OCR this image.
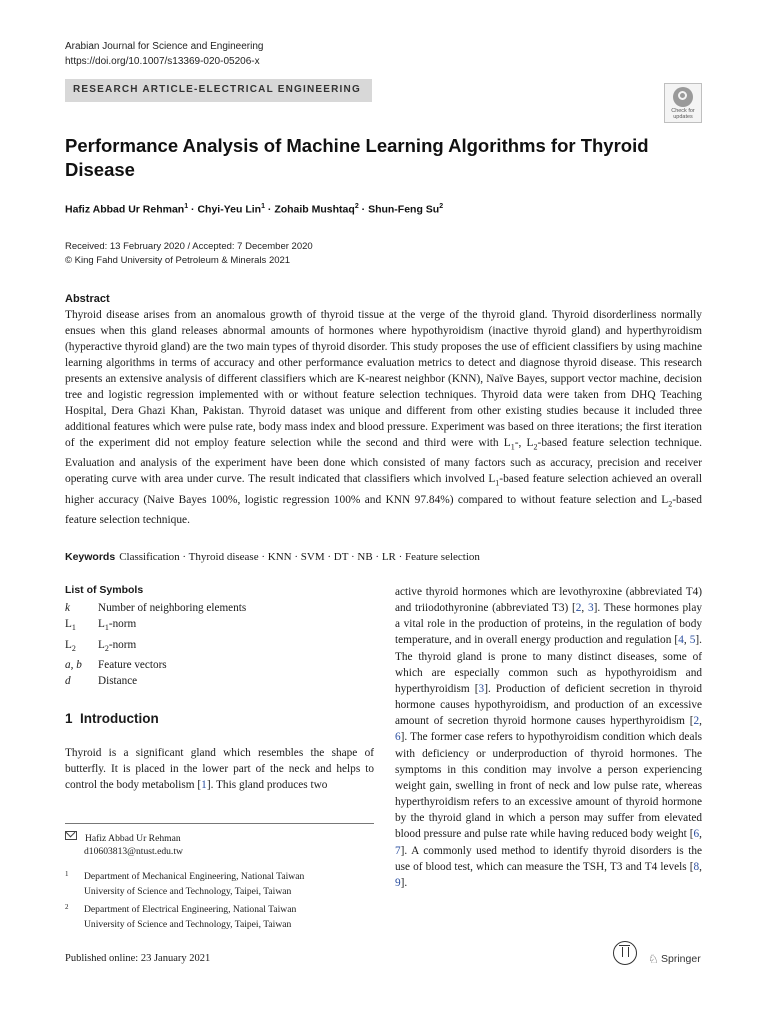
Arabian Journal for Science and Engineering
https://doi.org/10.1007/s13369-020-05206-x
RESEARCH ARTICLE-ELECTRICAL ENGINEERING
Check for
updates
Performance Analysis of Machine Learning Algorithms for Thyroid Disease
Hafiz Abbad Ur Rehman$^1$ · Chyi-Yeu Lin$^1$ · Zohaib Mushtaq$^2$ · Shun-Feng Su$^2$
Received: 13 February 2020 / Accepted: 7 December 2020
© King Fahd University of Petroleum & Minerals 2021
Abstract
Thyroid disease arises from an anomalous growth of thyroid tissue at the verge of the thyroid gland. Thyroid disorderliness normally ensues when this gland releases abnormal amounts of hormones where hypothyroidism (inactive thyroid gland) and hyperthyroidism (hyperactive thyroid gland) are the two main types of thyroid disorder. This study proposes the use of efficient classifiers by using machine learning algorithms in terms of accuracy and other performance evaluation metrics to detect and diagnose thyroid disease. This research presents an extensive analysis of different classifiers which are K-nearest neighbor (KNN), Naïve Bayes, support vector machine, decision tree and logistic regression implemented with or without feature selection techniques. Thyroid data were taken from DHQ Teaching Hospital, Dera Ghazi Khan, Pakistan. Thyroid dataset was unique and different from other existing studies because it included three additional features which were pulse rate, body mass index and blood pressure. Experiment was based on three iterations; the first iteration of the experiment did not employ feature selection while the second and third were with $L_1-$, $L_2$-based feature selection technique. Evaluation and analysis of the experiment have been done which consisted of many factors such as accuracy, precision and receiver operating curve with area under curve. The result indicated that classifiers which involved $L_1$-based feature selection achieved an overall higher accuracy (Naive Bayes 100%, logistic regression 100% and KNN 97.84%) compared to without feature selection and $L_2$-based feature selection technique.
Keywords Classification · Thyroid disease · KNN · SVM · DT · NB · LR · Feature selection
List of Symbols
k	Number of neighboring elements
$L_1$	$L_1$-norm
$L_2$	$L_2$-norm
a, b	Feature vectors
d	Distance
1 Introduction
Thyroid is a significant gland which resembles the shape of butterfly. It is placed in the lower part of the neck and helps to control the body metabolism [1]. This gland produces two
Hafiz Abbad Ur Rehman
d10603813@ntust.edu.tw
1	Department of Mechanical Engineering, National Taiwan
University of Science and Technology, Taipei, Taiwan
2	Department of Electrical Engineering, National Taiwan
University of Science and Technology, Taipei, Taiwan
active thyroid hormones which are levothyroxine (abbreviated T4) and triiodothyronine (abbreviated T3) [2, 3]. These hormones play a vital role in the production of proteins, in the regulation of body temperature, and in overall energy production and regulation [4, 5]. The thyroid gland is prone to many distinct diseases, some of which are especially common such as hypothyroidism and hyperthyroidism [3]. Production of deficient secretion in thyroid hormone causes hypothyroidism, and production of an excessive amount of secretion thyroid hormone causes hyperthyroidism [2, 6]. The former case refers to hypothyroidism condition which deals with deficiency or underproduction of thyroid hormones. The symptoms in this condition may involve a person experiencing weight gain, swelling in front of neck and low pulse rate, whereas hyperthyroidism refers to an excessive amount of thyroid hormone by the thyroid gland in which a person may suffer from elevated blood pressure and pulse rate while having reduced body weight [6, 7]. A commonly used method to identify thyroid disorders is the use of blood test, which can measure the TSH, T3 and T4 levels [8, 9].
Published online: 23 January 2021	♘ Springer
